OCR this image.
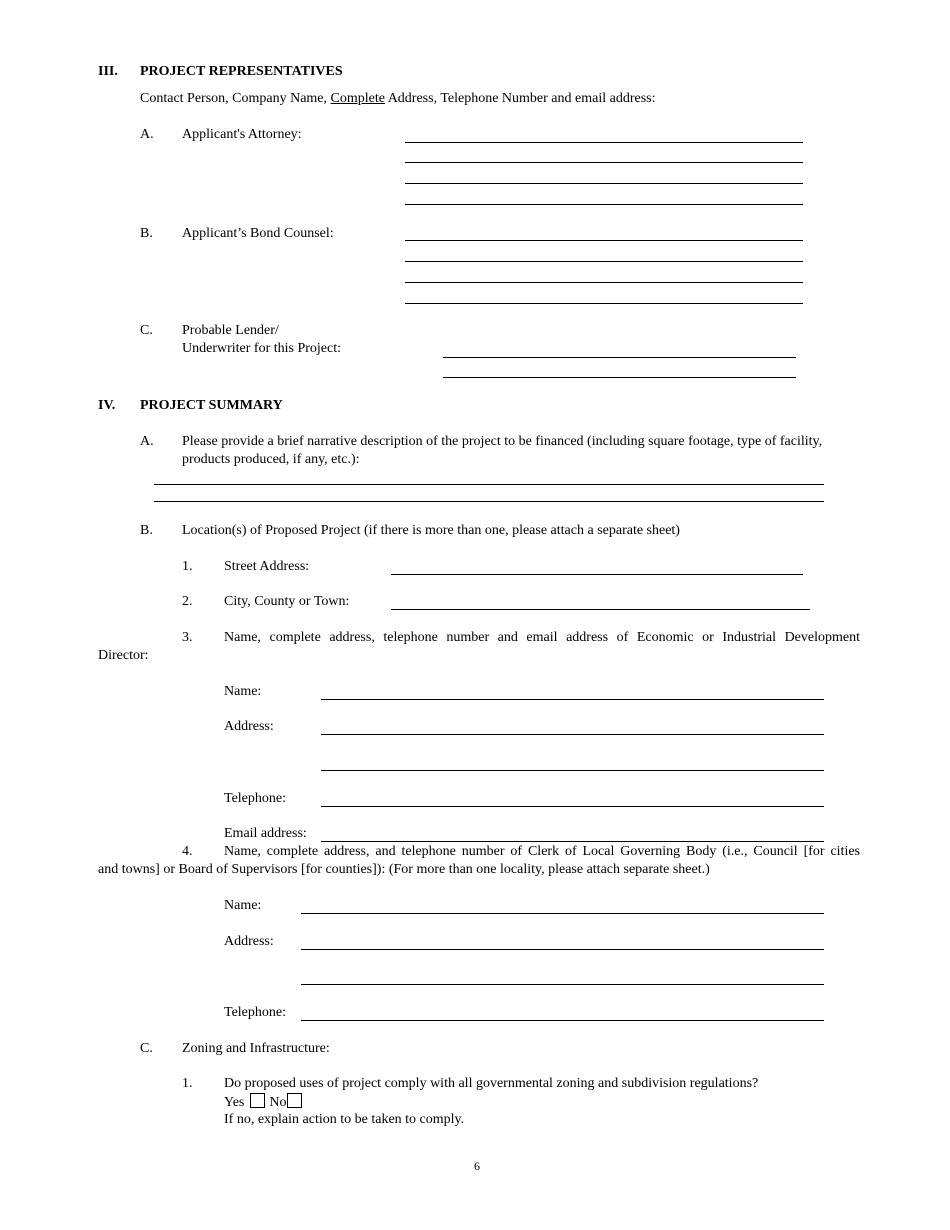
III. PROJECT REPRESENTATIVES
Contact Person, Company Name, Complete Address, Telephone Number and email address:
A. Applicant's Attorney:
B. Applicant’s Bond Counsel:
C. Probable Lender/
Underwriter for this Project:
IV. PROJECT SUMMARY
A. Please provide a brief narrative description of the project to be financed (including square footage, type of facility,
products produced, if any, etc.):
B. Location(s) of Proposed Project (if there is more than one, please attach a separate sheet)
1. Street Address:
2. City, County or Town:
3. Name, complete address, telephone number and email address of Economic or Industrial Development
Director:
Name:
Address:
Telephone:
Email address:
4. Name, complete address, and telephone number of Clerk of Local Governing Body (i.e., Council [for cities
and towns] or Board of Supervisors [for counties]): (For more than one locality, please attach separate sheet.)
Name:
Address:
Telephone:
C. Zoning and Infrastructure:
1. Do proposed uses of project comply with all governmental zoning and subdivision regulations?
Yes No
If no, explain action to be taken to comply.
6
